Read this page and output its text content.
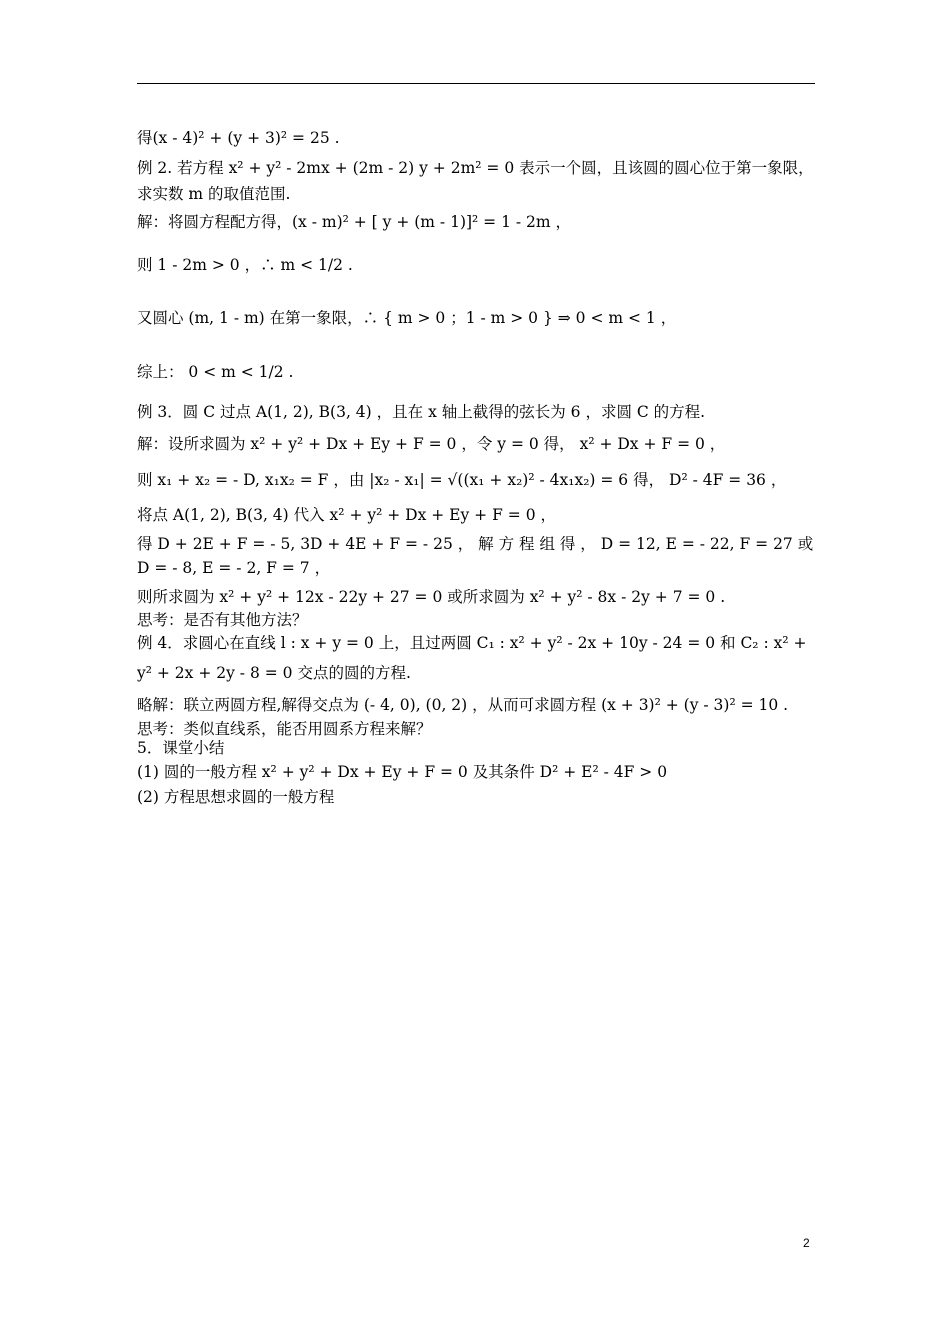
得(x - 4)² + (y + 3)² = 25 .
例 2. 若方程 x² + y² - 2mx + (2m - 2) y + 2m² = 0 表示一个圆，且该圆的圆心位于第一象限，
求实数 m 的取值范围.
解：将圆方程配方得，(x - m)² + [ y + (m - 1)]² = 1 - 2m ，
则 1 - 2m > 0 ，∴ m < 1/2 .
又圆心 (m, 1 - m) 在第一象限，∴ { m > 0 ；1 - m > 0 } ⇒ 0 < m < 1 ，
综上： 0 < m < 1/2 .
例 3．圆 C 过点 A(1, 2), B(3, 4) ，且在 x 轴上截得的弦长为 6 ，求圆 C 的方程.
解：设所求圆为 x² + y² + Dx + Ey + F = 0 ，令 y = 0 得， x² + Dx + F = 0 ，
则 x₁ + x₂ = - D, x₁x₂ = F ，由 |x₂ - x₁| = √((x₁ + x₂)² - 4x₁x₂) = 6 得， D² - 4F = 36 ，
将点 A(1, 2), B(3, 4) 代入 x² + y² + Dx + Ey + F = 0 ，
得 D + 2E + F = - 5, 3D + 4E + F = - 25 ， 解 方 程 组 得 ， D = 12, E = - 22, F = 27 或
D = - 8, E = - 2, F = 7 ，
则所求圆为 x² + y² + 12x - 22y + 27 = 0 或所求圆为 x² + y² - 8x - 2y + 7 = 0 .
思考：是否有其他方法？
例 4．求圆心在直线 l : x + y = 0 上，且过两圆 C₁ : x² + y² - 2x + 10y - 24 = 0 和 C₂ : x² +
y² + 2x + 2y - 8 = 0 交点的圆的方程.
略解：联立两圆方程,解得交点为 (- 4, 0), (0, 2) ，从而可求圆方程 (x + 3)² + (y - 3)² = 10 .
思考：类似直线系，能否用圆系方程来解？
5．课堂小结
(1) 圆的一般方程 x² + y² + Dx + Ey + F = 0 及其条件 D² + E² - 4F > 0
(2) 方程思想求圆的一般方程
2
